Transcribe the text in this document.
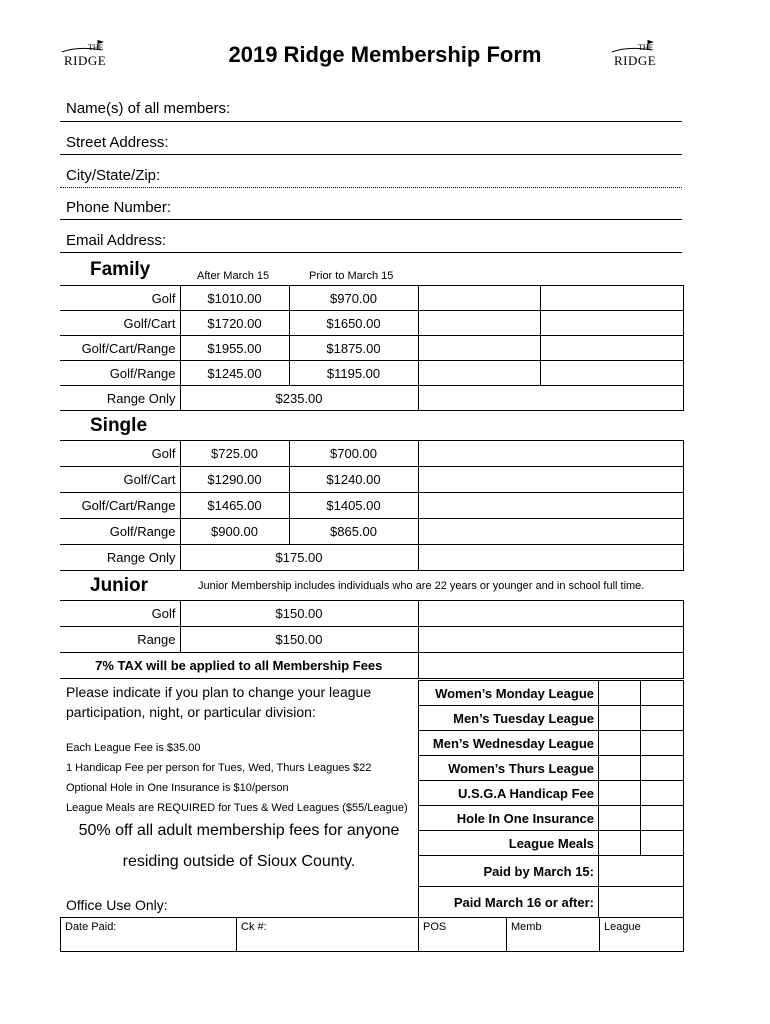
THE
RIDGE
THE
RIDGE
2019 Ridge Membership Form
Name(s) of all members:
Street Address:
City/State/Zip:
Phone Number:
Email Address:
Family	After March 15	Prior to March 15
Golf	$1010.00	$970.00		
Golf/Cart	$1720.00	$1650.00		
Golf/Cart/Range	$1955.00	$1875.00		
Golf/Range	$1245.00	$1195.00		
Range Only	$235.00			
Single
Golf	$725.00	$700.00	
Golf/Cart	$1290.00	$1240.00	
Golf/Cart/Range	$1465.00	$1405.00	
Golf/Range	$900.00	$865.00	
Range Only	$175.00		
Junior	Junior Membership includes individuals who are 22 years or younger and in school full time.
Golf	$150.00	
Range	$150.00	
7% TAX will be applied to all Membership Fees		
Please indicate if you plan to change your league participation, night, or particular division:
Each League Fee is $35.00
1 Handicap Fee per person for Tues, Wed, Thurs Leagues $22
Optional Hole in One Insurance is $10/person
League Meals are REQUIRED for Tues & Wed Leagues ($55/League)
50% off all adult membership fees for anyone
residing outside of Sioux County.
Women’s Monday League		
Men’s Tuesday League		
Men’s Wednesday League		
Women’s Thurs League		
U.S.G.A Handicap Fee		
Hole In One Insurance		
League Meals		
Paid by March 15:		
Paid March 16 or after:		
Office Use Only:
Date Paid:	Ck #:	POS	Memb	League
